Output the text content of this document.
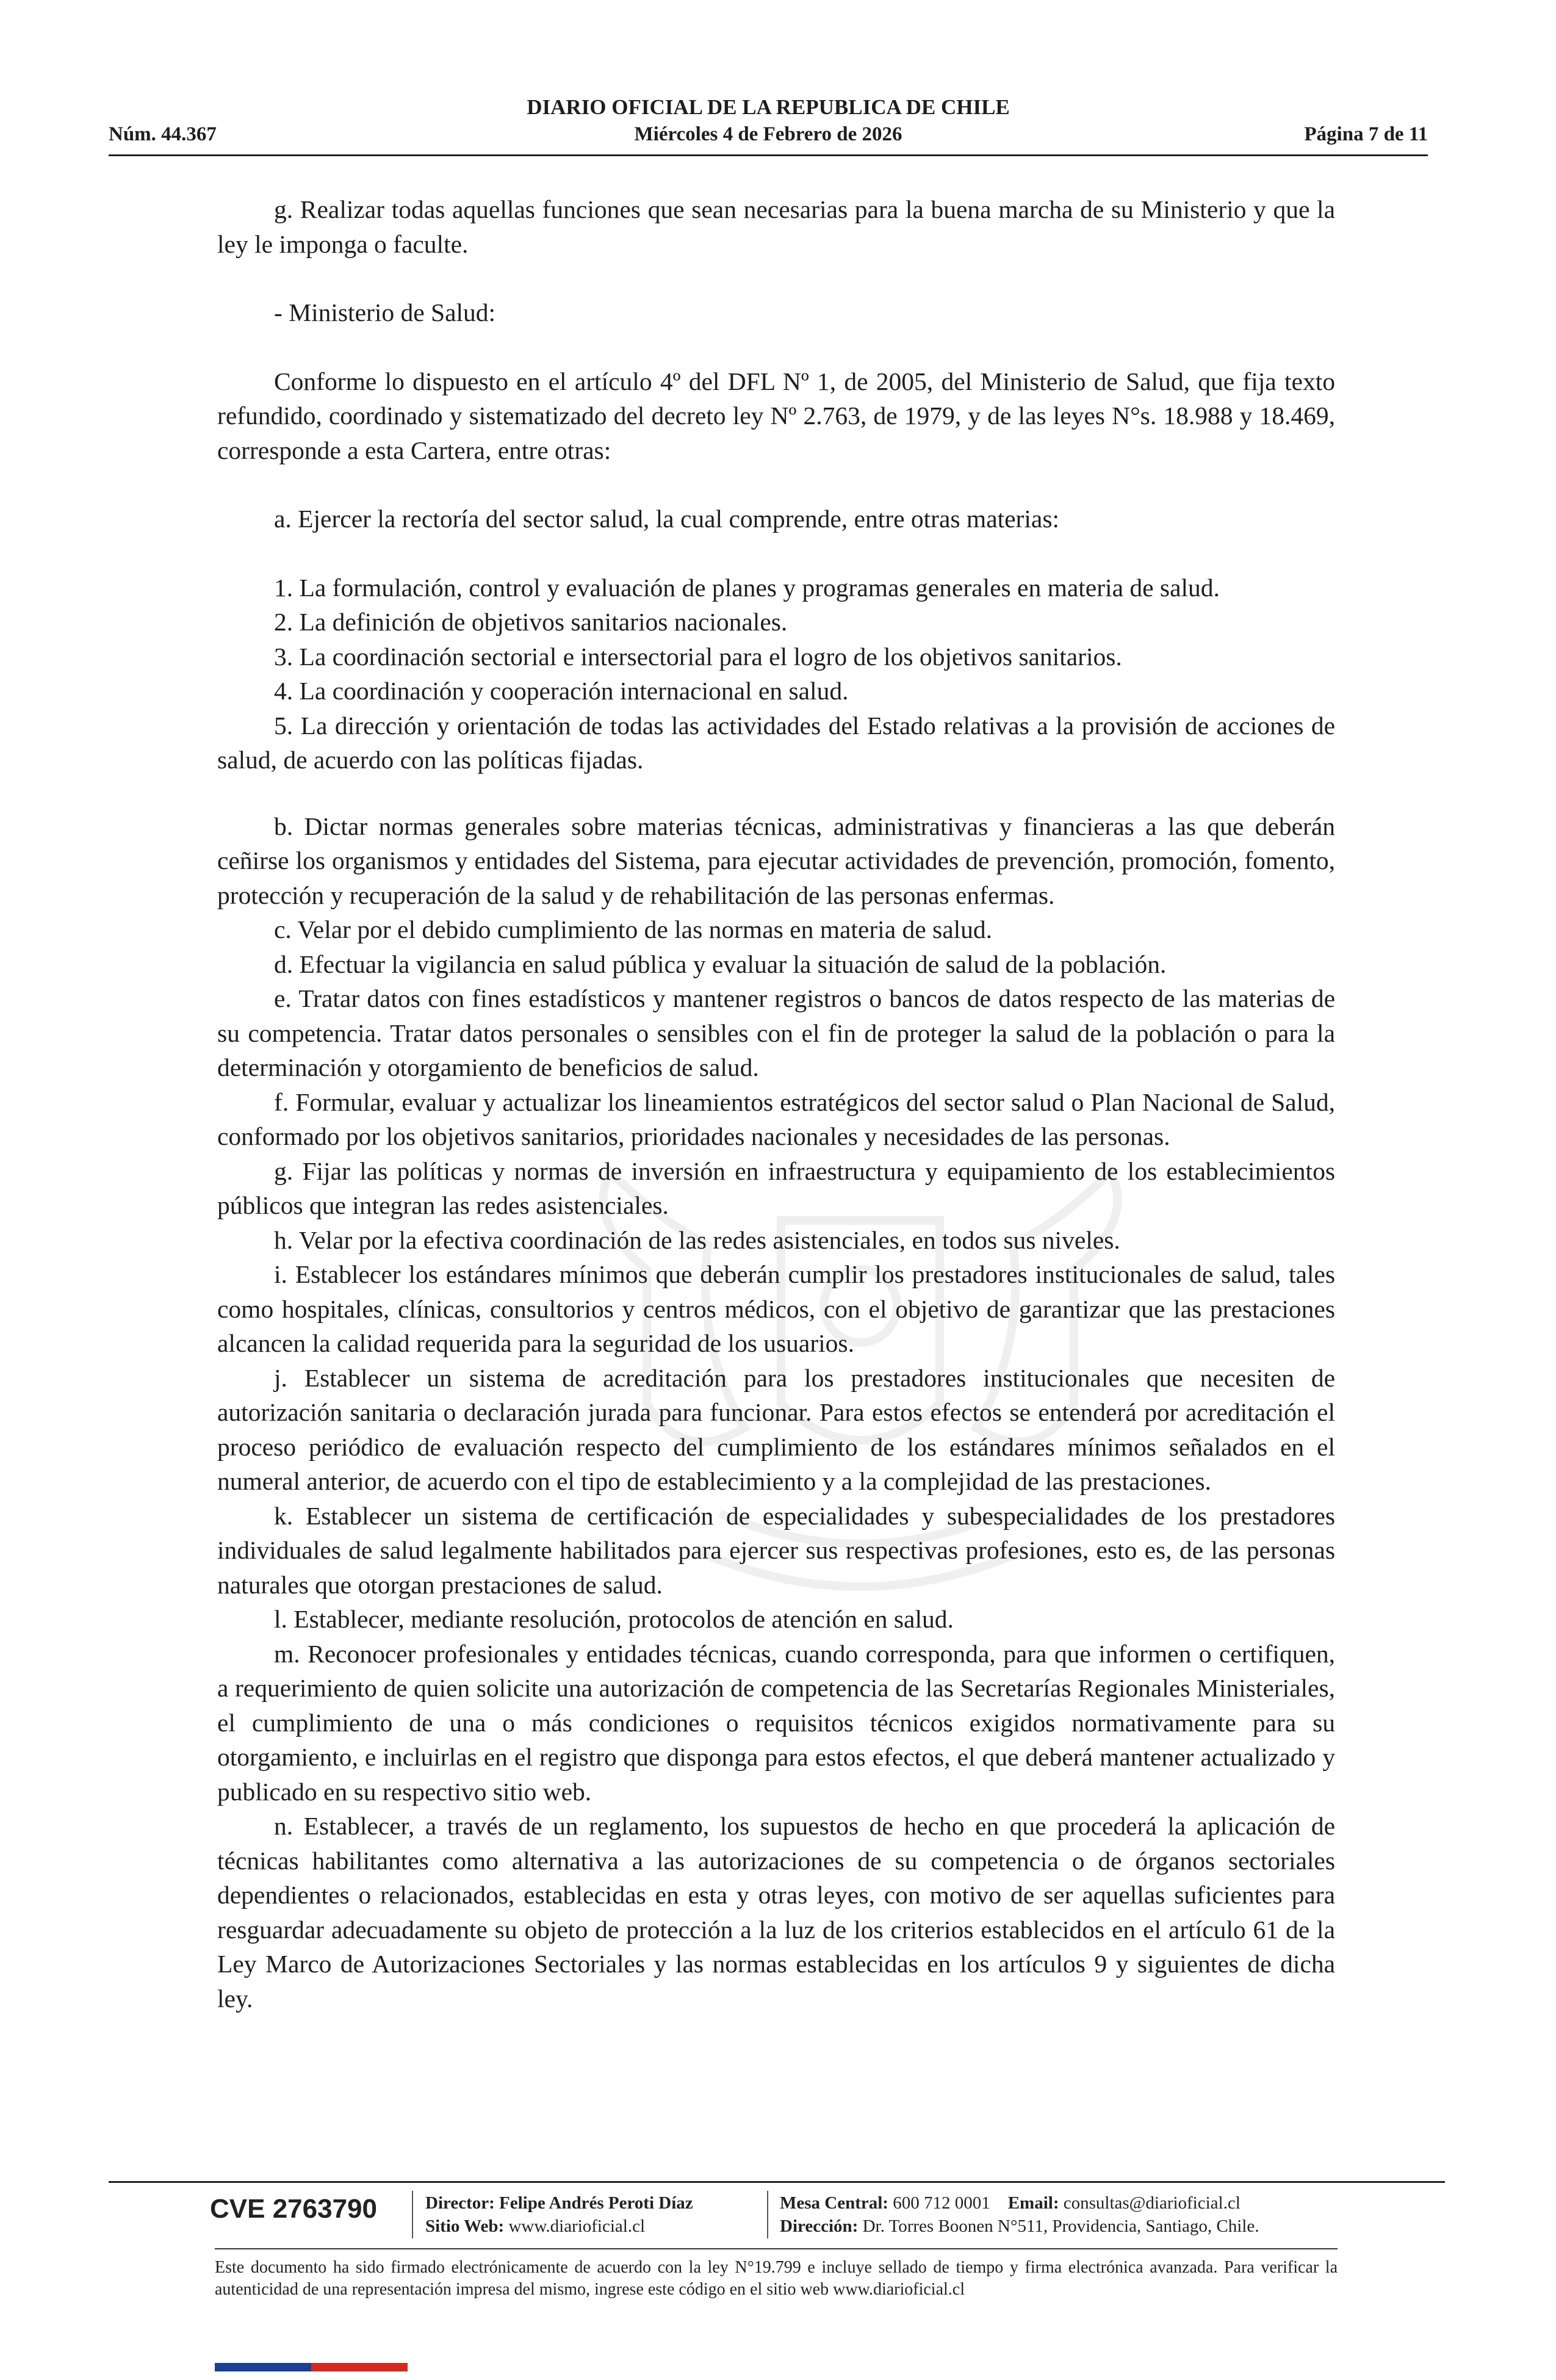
DIARIO OFICIAL DE LA REPUBLICA DE CHILE
Núm. 44.367	Miércoles 4 de Febrero de 2026	Página 7 de 11

g. Realizar todas aquellas funciones que sean necesarias para la buena marcha de su Ministerio y que la ley le imponga o faculte.

- Ministerio de Salud:

Conforme lo dispuesto en el artículo 4º del DFL Nº 1, de 2005, del Ministerio de Salud, que fija texto refundido, coordinado y sistematizado del decreto ley Nº 2.763, de 1979, y de las leyes N°s. 18.988 y 18.469, corresponde a esta Cartera, entre otras:

a. Ejercer la rectoría del sector salud, la cual comprende, entre otras materias:

1. La formulación, control y evaluación de planes y programas generales en materia de salud.

2. La definición de objetivos sanitarios nacionales.

3. La coordinación sectorial e intersectorial para el logro de los objetivos sanitarios.

4. La coordinación y cooperación internacional en salud.

5. La dirección y orientación de todas las actividades del Estado relativas a la provisión de acciones de salud, de acuerdo con las políticas fijadas.

b. Dictar normas generales sobre materias técnicas, administrativas y financieras a las que deberán ceñirse los organismos y entidades del Sistema, para ejecutar actividades de prevención, promoción, fomento, protección y recuperación de la salud y de rehabilitación de las personas enfermas.

c. Velar por el debido cumplimiento de las normas en materia de salud.

d. Efectuar la vigilancia en salud pública y evaluar la situación de salud de la población.

e. Tratar datos con fines estadísticos y mantener registros o bancos de datos respecto de las materias de su competencia. Tratar datos personales o sensibles con el fin de proteger la salud de la población o para la determinación y otorgamiento de beneficios de salud.

f. Formular, evaluar y actualizar los lineamientos estratégicos del sector salud o Plan Nacional de Salud, conformado por los objetivos sanitarios, prioridades nacionales y necesidades de las personas.

g. Fijar las políticas y normas de inversión en infraestructura y equipamiento de los establecimientos públicos que integran las redes asistenciales.

h. Velar por la efectiva coordinación de las redes asistenciales, en todos sus niveles.

i. Establecer los estándares mínimos que deberán cumplir los prestadores institucionales de salud, tales como hospitales, clínicas, consultorios y centros médicos, con el objetivo de garantizar que las prestaciones alcancen la calidad requerida para la seguridad de los usuarios.

j. Establecer un sistema de acreditación para los prestadores institucionales que necesiten de autorización sanitaria o declaración jurada para funcionar. Para estos efectos se entenderá por acreditación el proceso periódico de evaluación respecto del cumplimiento de los estándares mínimos señalados en el numeral anterior, de acuerdo con el tipo de establecimiento y a la complejidad de las prestaciones.

k. Establecer un sistema de certificación de especialidades y subespecialidades de los prestadores individuales de salud legalmente habilitados para ejercer sus respectivas profesiones, esto es, de las personas naturales que otorgan prestaciones de salud.

l. Establecer, mediante resolución, protocolos de atención en salud.

m. Reconocer profesionales y entidades técnicas, cuando corresponda, para que informen o certifiquen, a requerimiento de quien solicite una autorización de competencia de las Secretarías Regionales Ministeriales, el cumplimiento de una o más condiciones o requisitos técnicos exigidos normativamente para su otorgamiento, e incluirlas en el registro que disponga para estos efectos, el que deberá mantener actualizado y publicado en su respectivo sitio web.

n. Establecer, a través de un reglamento, los supuestos de hecho en que procederá la aplicación de técnicas habilitantes como alternativa a las autorizaciones de su competencia o de órganos sectoriales dependientes o relacionados, establecidas en esta y otras leyes, con motivo de ser aquellas suficientes para resguardar adecuadamente su objeto de protección a la luz de los criterios establecidos en el artículo 61 de la Ley Marco de Autorizaciones Sectoriales y las normas establecidas en los artículos 9 y siguientes de dicha ley.

CVE 2763790	Director: Felipe Andrés Peroti Díaz
Sitio Web: www.diarioficial.cl
Mesa Central: 600 712 0001 Email: consultas@diarioficial.cl
Dirección: Dr. Torres Boonen N°511, Providencia, Santiago, Chile.
Este documento ha sido firmado electrónicamente de acuerdo con la ley N°19.799 e incluye sellado de tiempo y firma electrónica avanzada. Para verificar la autenticidad de una representación impresa del mismo, ingrese este código en el sitio web www.diarioficial.cl
